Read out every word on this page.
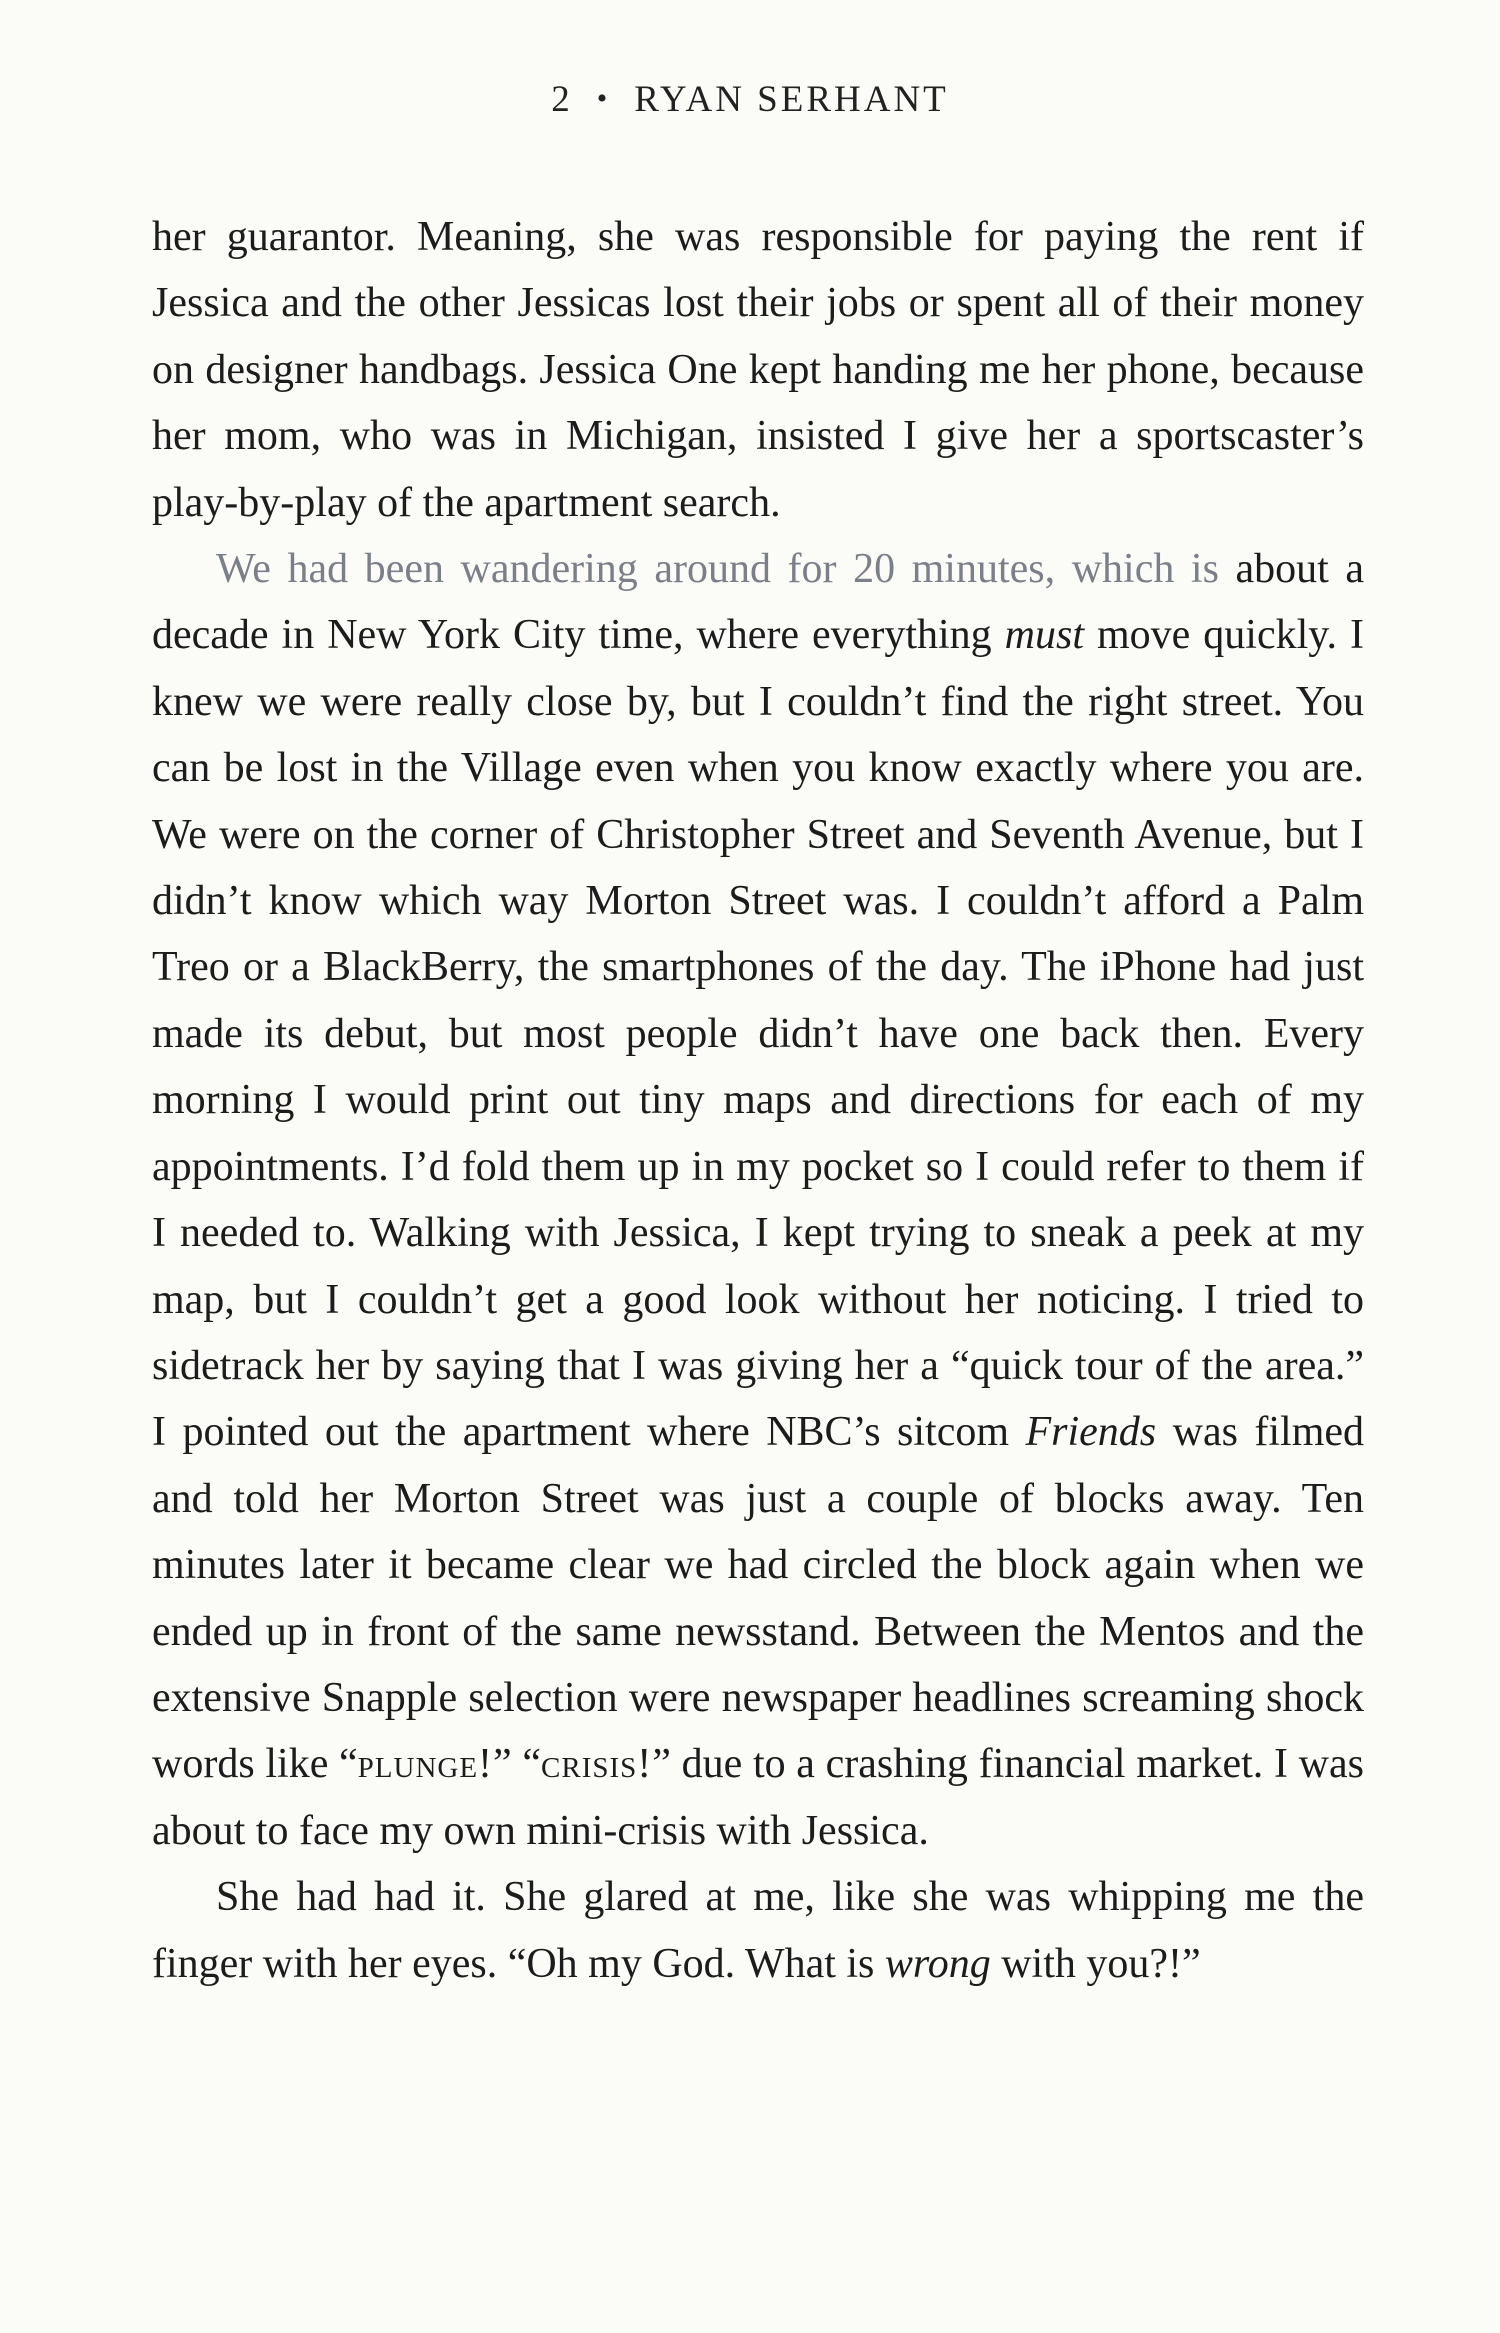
2 • RYAN SERHANT

her guarantor. Meaning, she was responsible for paying the rent if Jessica and the other Jessicas lost their jobs or spent all of their money on designer handbags. Jessica One kept handing me her phone, because her mom, who was in Michigan, insisted I give her a sportscaster’s play-by-play of the apartment search.

We had been wandering around for 20 minutes, which is about a decade in New York City time, where everything must move quickly. I knew we were really close by, but I couldn’t find the right street. You can be lost in the Village even when you know exactly where you are. We were on the corner of Christopher Street and Seventh Avenue, but I didn’t know which way Morton Street was. I couldn’t afford a Palm Treo or a BlackBerry, the smartphones of the day. The iPhone had just made its debut, but most people didn’t have one back then. Every morning I would print out tiny maps and directions for each of my appointments. I’d fold them up in my pocket so I could refer to them if I needed to. Walking with Jessica, I kept trying to sneak a peek at my map, but I couldn’t get a good look without her noticing. I tried to sidetrack her by saying that I was giving her a “quick tour of the area.” I pointed out the apartment where NBC’s sitcom Friends was filmed and told her Morton Street was just a couple of blocks away. Ten minutes later it became clear we had circled the block again when we ended up in front of the same newsstand. Between the Mentos and the extensive Snapple selection were newspaper headlines screaming shock words like “plunge!” “crisis!” due to a crashing financial market. I was about to face my own mini-crisis with Jessica.

She had had it. She glared at me, like she was whipping me the finger with her eyes. “Oh my God. What is wrong with you?!”
